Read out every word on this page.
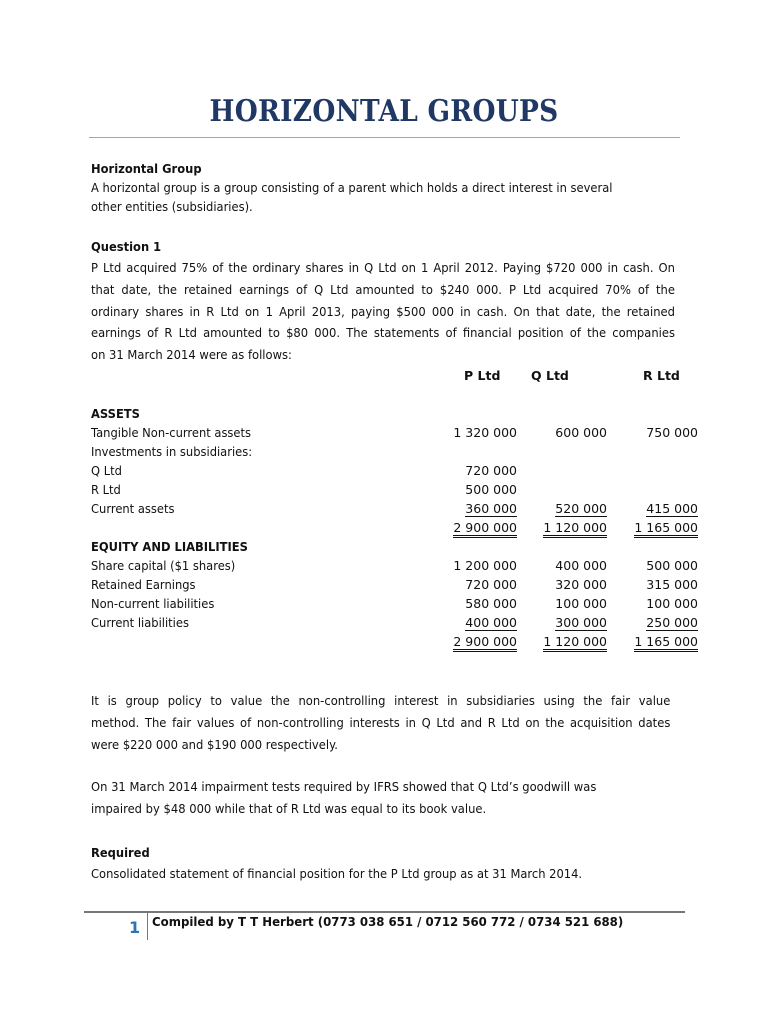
HORIZONTAL GROUPS
Horizontal Group
A horizontal group is a group consisting of a parent which holds a direct interest in several
other entities (subsidiaries).
Question 1
P Ltd acquired 75% of the ordinary shares in Q Ltd on 1 April 2012. Paying $720 000 in cash. On
that date, the retained earnings of Q Ltd amounted to $240 000. P Ltd acquired 70% of the
ordinary shares in R Ltd on 1 April 2013, paying $500 000 in cash. On that date, the retained
earnings of R Ltd amounted to $80 000. The statements of financial position of the companies
on 31 March 2014 were as follows:
P Ltd Q Ltd	R Ltd
ASSETS
Tangible Non-current assets	1 320 000	600 000	750 000
Investments in subsidiaries:
Q Ltd	720 000
R Ltd	500 000
Current assets	360 000	520 000	415 000
2 900 000	1 120 000	1 165 000
EQUITY AND LIABILITIES
Share capital ($1 shares)	1 200 000	400 000	500 000
Retained Earnings	720 000	320 000	315 000
Non-current liabilities	580 000	100 000	100 000
Current liabilities	400 000	300 000	250 000
2 900 000	1 120 000	1 165 000
It is group policy to value the non-controlling interest in subsidiaries using the fair value
method. The fair values of non-controlling interests in Q Ltd and R Ltd on the acquisition dates
were $220 000 and $190 000 respectively.
On 31 March 2014 impairment tests required by IFRS showed that Q Ltd’s goodwill was
impaired by $48 000 while that of R Ltd was equal to its book value.
Required
Consolidated statement of financial position for the P Ltd group as at 31 March 2014.
1 Compiled by T T Herbert (0773 038 651 / 0712 560 772 / 0734 521 688)
